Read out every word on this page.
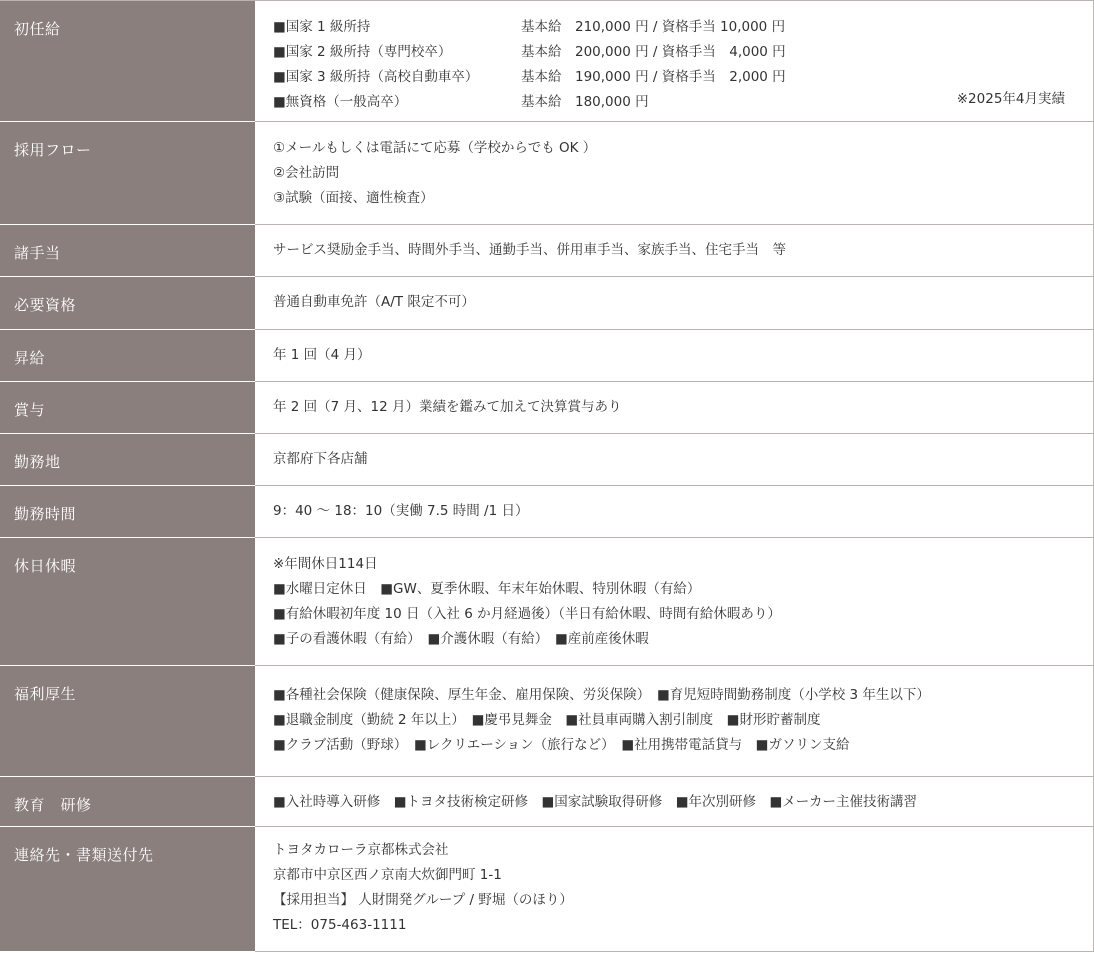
初任給	■国家 1 級所持	基本給　210,000 円 / 資格手当 10,000 円
■国家 2 級所持（専門校卒）	基本給　200,000 円 / 資格手当　4,000 円
■国家 3 級所持（高校自動車卒）	基本給　190,000 円 / 資格手当　2,000 円
■無資格（一般高卒）	基本給　180,000 円	※2025年4月実績
採用フロー	①メールもしくは電話にて応募（学校からでも OK ）
②会社訪問
③試験（面接、適性検査）
諸手当	サービス奨励金手当、時間外手当、通勤手当、併用車手当、家族手当、住宅手当　等
必要資格	普通自動車免許（A/T 限定不可）
昇給	年 1 回（4 月）
賞与	年 2 回（7 月、12 月）業績を鑑みて加えて決算賞与あり
勤務地	京都府下各店舗
勤務時間	9：40 〜 18：10（実働 7.5 時間 /1 日）
休日休暇	※年間休日114日
■水曜日定休日　■GW、夏季休暇、年末年始休暇、特別休暇（有給）
■有給休暇初年度 10 日（入社 6 か月経過後）（半日有給休暇、時間有給休暇あり）
■子の看護休暇（有給）　■介護休暇（有給）　■産前産後休暇
福利厚生	■各種社会保険（健康保険、厚生年金、雇用保険、労災保険）　■育児短時間勤務制度（小学校 3 年生以下）
■退職金制度（勤続 2 年以上）　■慶弔見舞金　■社員車両購入割引制度　■財形貯蓄制度
■クラブ活動（野球）　■レクリエーション（旅行など）　■社用携帯電話貸与　■ガソリン支給
教育　研修	■入社時導入研修　■トヨタ技術検定研修　■国家試験取得研修　■年次別研修　■メーカー主催技術講習
連絡先・書類送付先	トヨタカローラ京都株式会社
京都市中京区西ノ京南大炊御門町 1-1
【採用担当】 人財開発グループ / 野堀（のほり）
TEL：075-463-1111
